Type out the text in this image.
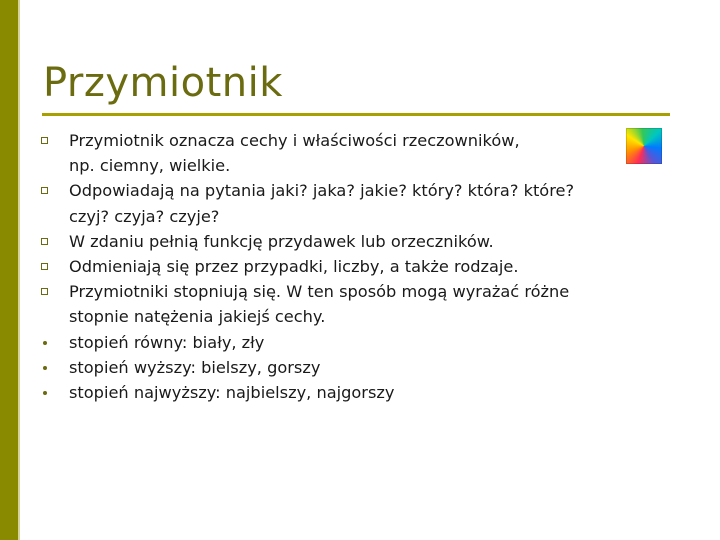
Przymiotnik
Przymiotnik oznacza cechy i właściwości rzeczowników,
np. ciemny, wielkie.
Odpowiadają na pytania jaki? jaka? jakie? który? która? które?
czyj? czyja? czyje?
W zdaniu pełnią funkcję przydawek lub orzeczników.
Odmieniają się przez przypadki, liczby, a także rodzaje.
Przymiotniki stopniują się. W ten sposób mogą wyrażać różne
stopnie natężenia jakiejś cechy.
stopień równy: biały, zły
stopień wyższy: bielszy, gorszy
stopień najwyższy: najbielszy, najgorszy
